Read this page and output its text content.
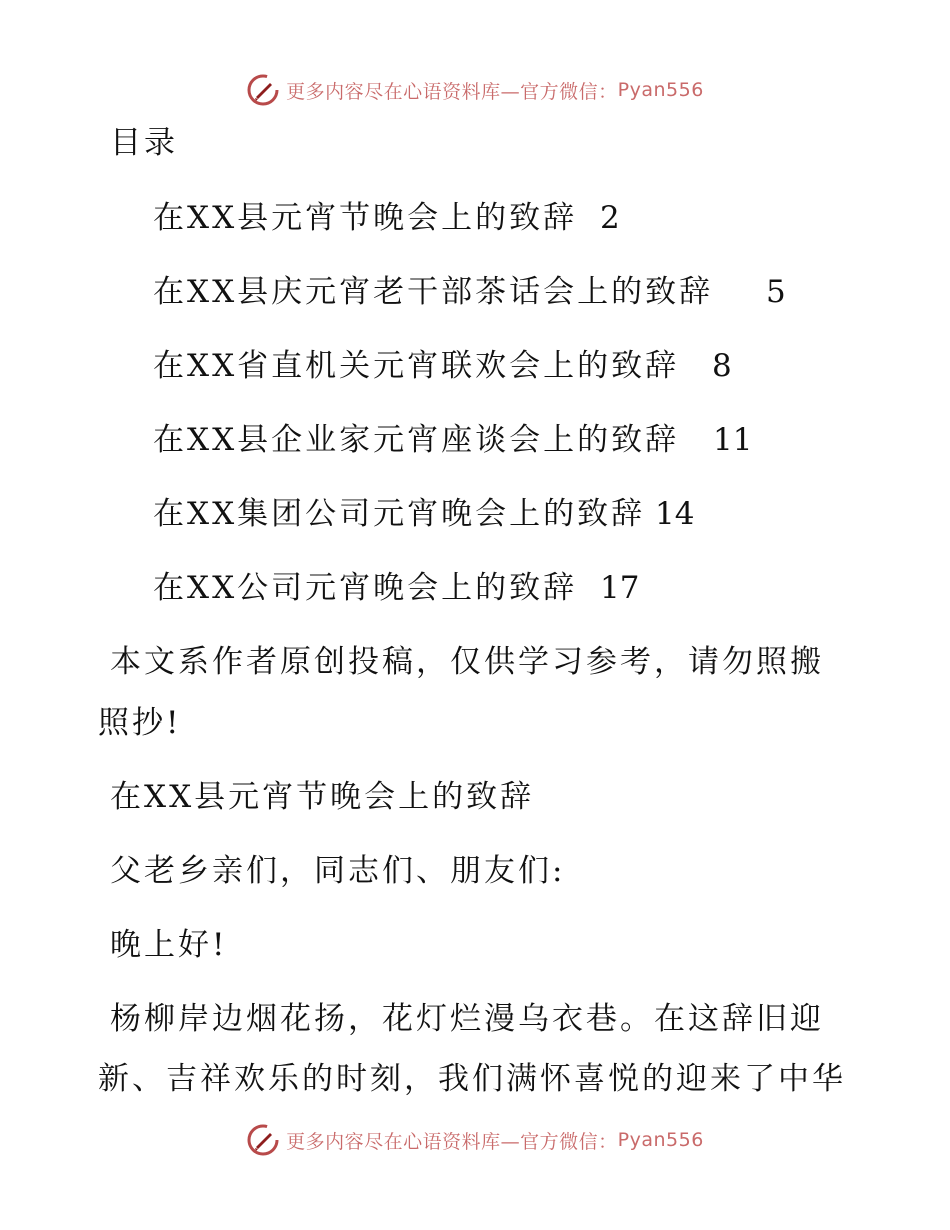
更多内容尽在心语资料库—官方微信： Pyan556
目录
在XX县元宵节晚会上的致辞 2
在XX县庆元宵老干部茶话会上的致辞 5
在XX省直机关元宵联欢会上的致辞 8
在XX县企业家元宵座谈会上的致辞 11
在XX集团公司元宵晚会上的致辞 14
在XX公司元宵晚会上的致辞 17
本文系作者原创投稿，仅供学习参考，请勿照搬
照抄!
在XX县元宵节晚会上的致辞
父老乡亲们，同志们、朋友们:
晚上好!
杨柳岸边烟花扬，花灯烂漫乌衣巷。在这辞旧迎
新、吉祥欢乐的时刻，我们满怀喜悦的迎来了中华
更多内容尽在心语资料库—官方微信： Pyan556
